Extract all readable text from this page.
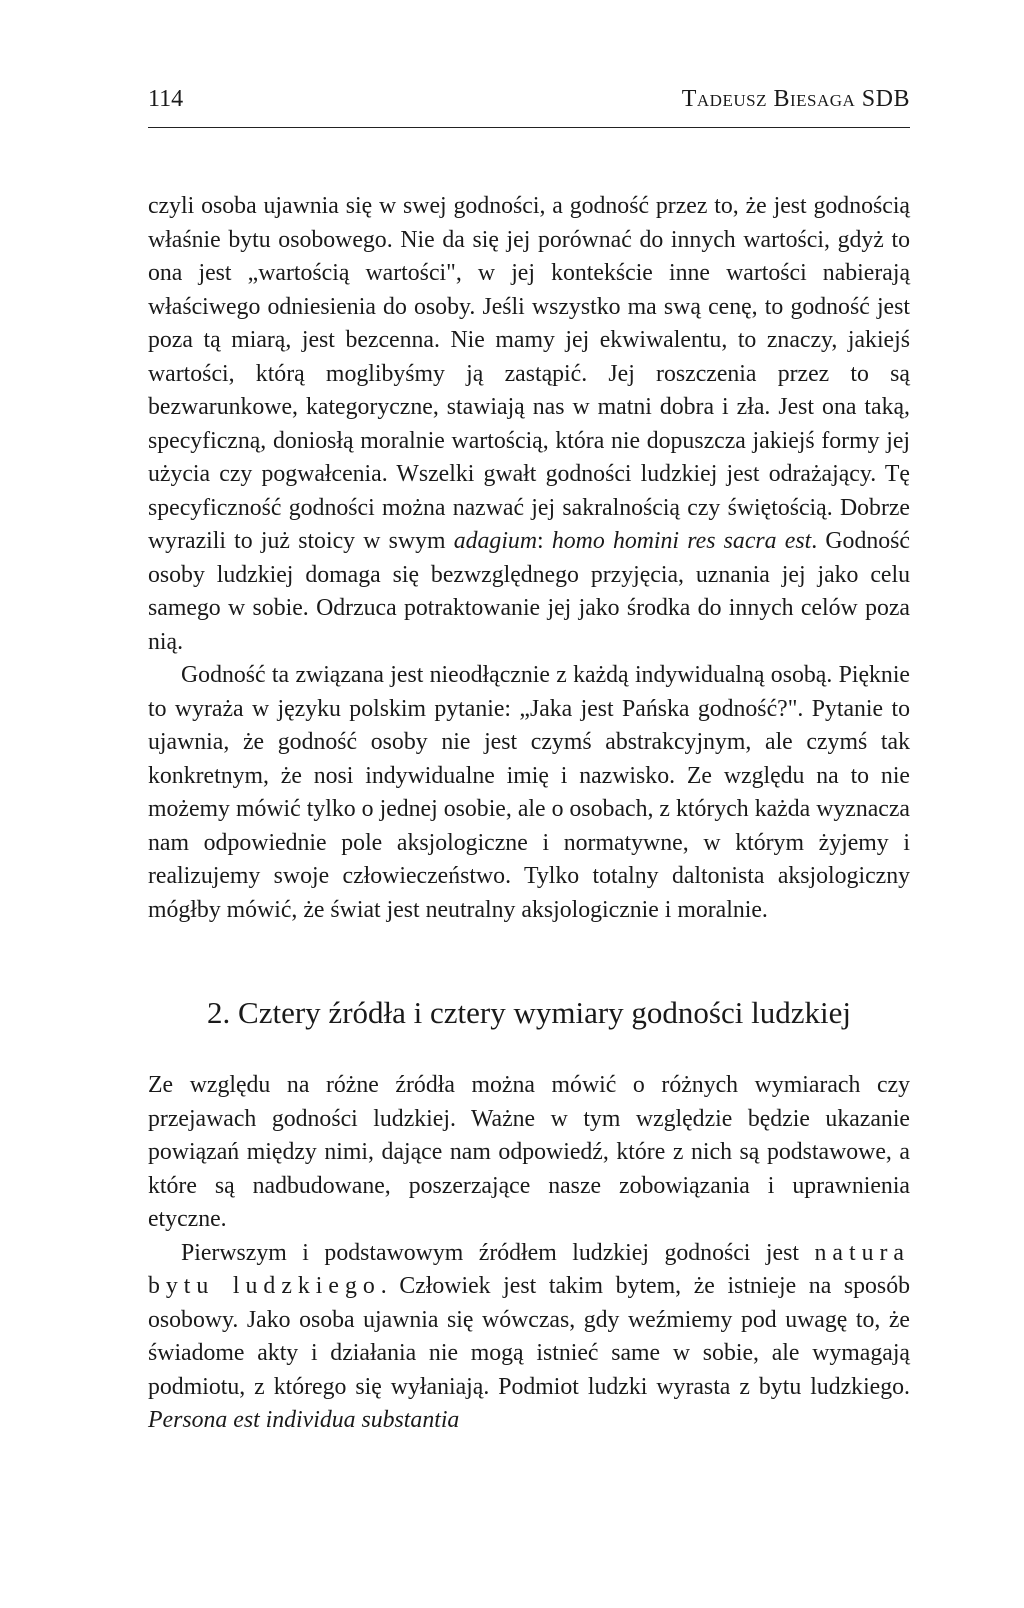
114	Tadeusz Biesaga SDB

czyli osoba ujawnia się w swej godności, a godność przez to, że jest godnością właśnie bytu osobowego. Nie da się jej porównać do innych wartości, gdyż to ona jest „wartością wartości", w jej kontekście inne wartości nabierają właściwego odniesienia do osoby. Jeśli wszystko ma swą cenę, to godność jest poza tą miarą, jest bezcenna. Nie mamy jej ekwiwalentu, to znaczy, jakiejś wartości, którą moglibyśmy ją zastąpić. Jej roszczenia przez to są bezwarunkowe, kategoryczne, stawiają nas w matni dobra i zła. Jest ona taką, specyficzną, doniosłą moralnie wartością, która nie dopuszcza jakiejś formy jej użycia czy pogwałcenia. Wszelki gwałt godności ludzkiej jest odrażający. Tę specyficzność godności można nazwać jej sakralnością czy świętością. Dobrze wyrazili to już stoicy w swym adagium: homo homini res sacra est. Godność osoby ludzkiej domaga się bezwzględnego przyjęcia, uznania jej jako celu samego w sobie. Odrzuca potraktowanie jej jako środka do innych celów poza nią.

Godność ta związana jest nieodłącznie z każdą indywidualną osobą. Pięknie to wyraża w języku polskim pytanie: „Jaka jest Pańska godność?". Pytanie to ujawnia, że godność osoby nie jest czymś abstrakcyjnym, ale czymś tak konkretnym, że nosi indywidualne imię i nazwisko. Ze względu na to nie możemy mówić tylko o jednej osobie, ale o osobach, z których każda wyznacza nam odpowiednie pole aksjologiczne i normatywne, w którym żyjemy i realizujemy swoje człowieczeństwo. Tylko totalny daltonista aksjologiczny mógłby mówić, że świat jest neutralny aksjologicznie i moralnie.

2. Cztery źródła i cztery wymiary godności ludzkiej

Ze względu na różne źródła można mówić o różnych wymiarach czy przejawach godności ludzkiej. Ważne w tym względzie będzie ukazanie powiązań między nimi, dające nam odpowiedź, które z nich są podstawowe, a które są nadbudowane, poszerzające nasze zobowiązania i uprawnienia etyczne.

Pierwszym i podstawowym źródłem ludzkiej godności jest natura bytu ludzkiego. Człowiek jest takim bytem, że istnieje na sposób osobowy. Jako osoba ujawnia się wówczas, gdy weźmiemy pod uwagę to, że świadome akty i działania nie mogą istnieć same w sobie, ale wymagają podmiotu, z którego się wyłaniają. Podmiot ludzki wyrasta z bytu ludzkiego. Persona est individua substantia
